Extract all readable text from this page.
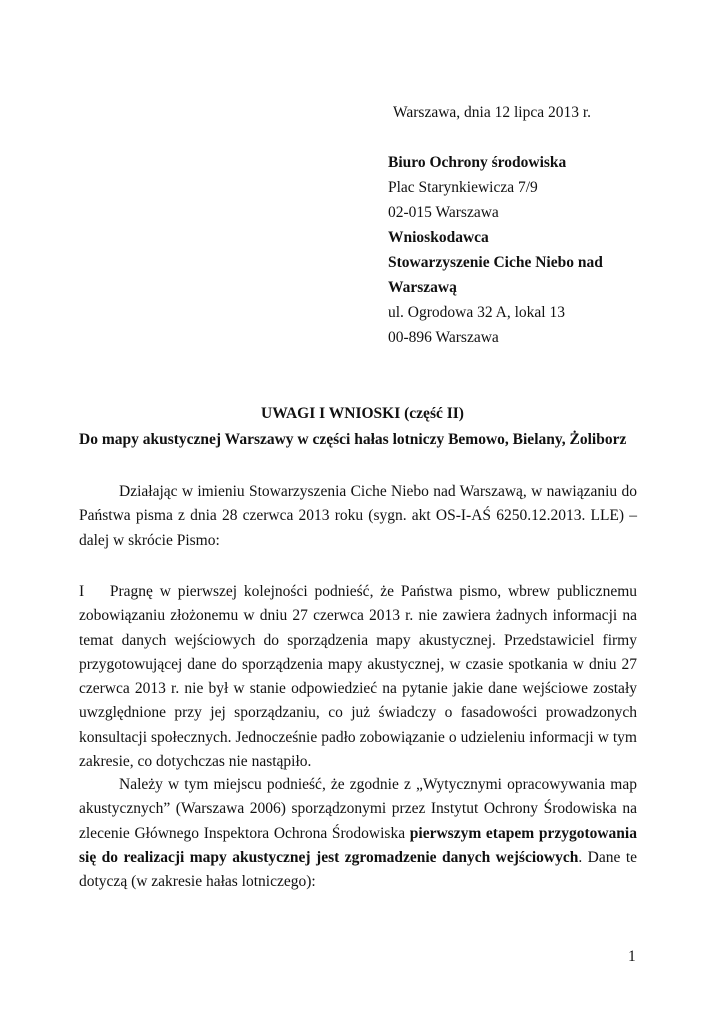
Warszawa, dnia 12 lipca 2013 r.
Biuro Ochrony środowiska
Plac Starynkiewicza 7/9
02-015 Warszawa
Wnioskodawca
Stowarzyszenie Ciche Niebo nad
Warszawą
ul. Ogrodowa 32 A, lokal 13
00-896 Warszawa
UWAGI I WNIOSKI (część II)
Do mapy akustycznej Warszawy w części hałas lotniczy Bemowo, Bielany, Żoliborz
Działając w imieniu Stowarzyszenia Ciche Niebo nad Warszawą, w nawiązaniu do Państwa pisma z dnia 28 czerwca 2013 roku (sygn. akt OS-I-AŚ 6250.12.2013. LLE) – dalej w skrócie Pismo:
I Pragnę w pierwszej kolejności podnieść, że Państwa pismo, wbrew publicznemu zobowiązaniu złożonemu w dniu 27 czerwca 2013 r. nie zawiera żadnych informacji na temat danych wejściowych do sporządzenia mapy akustycznej. Przedstawiciel firmy przygotowującej dane do sporządzenia mapy akustycznej, w czasie spotkania w dniu 27 czerwca 2013 r. nie był w stanie odpowiedzieć na pytanie jakie dane wejściowe zostały uwzględnione przy jej sporządzaniu, co już świadczy o fasadowości prowadzonych konsultacji społecznych. Jednocześnie padło zobowiązanie o udzieleniu informacji w tym zakresie, co dotychczas nie nastąpiło.
Należy w tym miejscu podnieść, że zgodnie z „Wytycznymi opracowywania map akustycznych” (Warszawa 2006) sporządzonymi przez Instytut Ochrony Środowiska na zlecenie Głównego Inspektora Ochrona Środowiska pierwszym etapem przygotowania się do realizacji mapy akustycznej jest zgromadzenie danych wejściowych. Dane te dotyczą (w zakresie hałas lotniczego):
1
